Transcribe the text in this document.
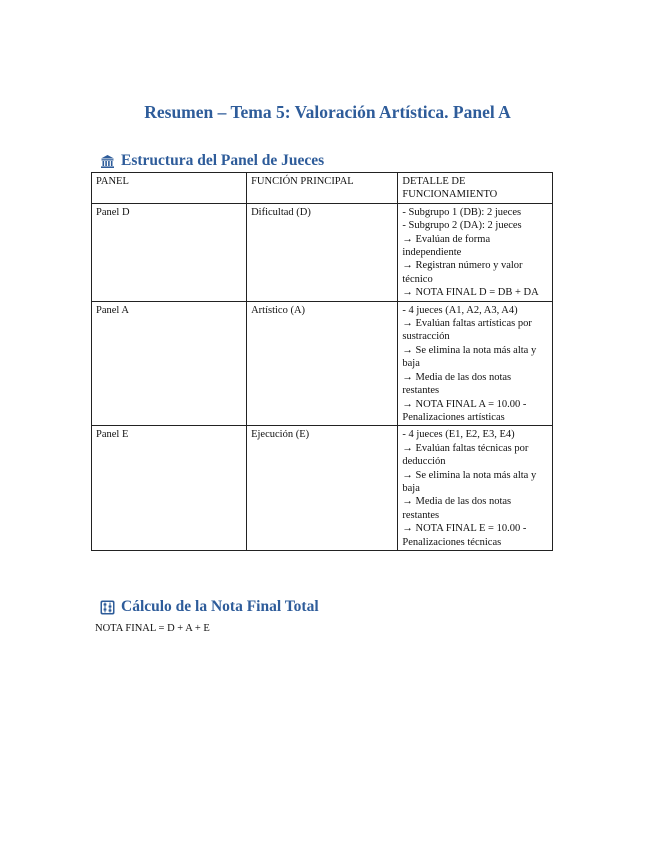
Resumen – Tema 5: Valoración Artística. Panel A
Estructura del Panel de Jueces
PANEL	FUNCIÓN PRINCIPAL	DETALLE DE FUNCIONAMIENTO
Panel D	Dificultad (D)	- Subgrupo 1 (DB): 2 jueces
- Subgrupo 2 (DA): 2 jueces
→ Evalúan de forma independiente
→ Registran número y valor técnico
→ NOTA FINAL D = DB + DA

Panel A	Artístico (A)	- 4 jueces (A1, A2, A3, A4)
→ Evalúan faltas artísticas por sustracción
→ Se elimina la nota más alta y baja
→ Media de las dos notas restantes
→ NOTA FINAL A = 10.00 - Penalizaciones artísticas

Panel E	Ejecución (E)	- 4 jueces (E1, E2, E3, E4)
→ Evalúan faltas técnicas por deducción
→ Se elimina la nota más alta y baja
→ Media de las dos notas restantes
→ NOTA FINAL E = 10.00 - Penalizaciones técnicas
Cálculo de la Nota Final Total
NOTA FINAL = D + A + E
